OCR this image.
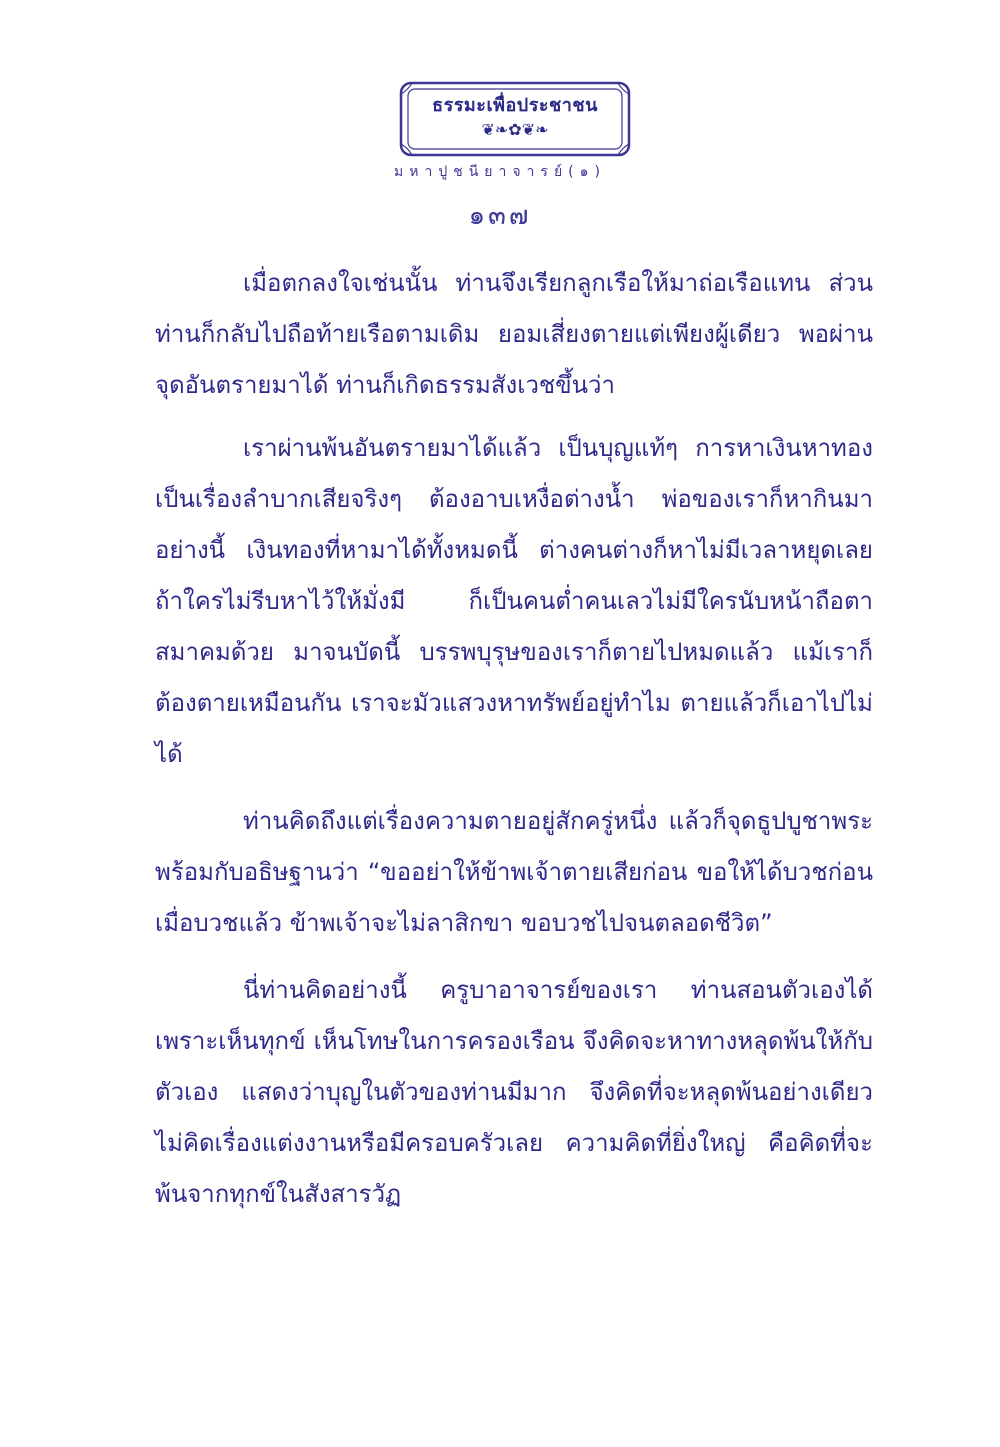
ธรรมะเพื่อประชาชน
❦❧✿❦❧
มหาปูชนียาจารย์(๑)
๑๓๗

เมื่อตกลงใจเช่นนั้น ท่านจึงเรียกลูกเรือให้มาถ่อเรือแทน ส่วนท่านก็กลับไปถือท้ายเรือตามเดิม ยอมเสี่ยงตายแต่เพียงผู้เดียว พอผ่านจุดอันตรายมาได้ ท่านก็เกิดธรรมสังเวชขึ้นว่า

เราผ่านพ้นอันตรายมาได้แล้ว เป็นบุญแท้ๆ การหาเงินหาทองเป็นเรื่องลำบากเสียจริงๆ ต้องอาบเหงื่อต่างน้ำ พ่อของเราก็หากินมาอย่างนี้ เงินทองที่หามาได้ทั้งหมดนี้ ต่างคนต่างก็หาไม่มีเวลาหยุดเลย ถ้าใครไม่รีบหาไว้ให้มั่งมี ก็เป็นคนต่ำคนเลวไม่มีใครนับหน้าถือตาสมาคมด้วย มาจนบัดนี้ บรรพบุรุษของเราก็ตายไปหมดแล้ว แม้เราก็ต้องตายเหมือนกัน เราจะมัวแสวงหาทรัพย์อยู่ทำไม ตายแล้วก็เอาไปไม่ได้

ท่านคิดถึงแต่เรื่องความตายอยู่สักครู่หนึ่ง แล้วก็จุดธูปบูชาพระ พร้อมกับอธิษฐานว่า “ขออย่าให้ข้าพเจ้าตายเสียก่อน ขอให้ได้บวชก่อน เมื่อบวชแล้ว ข้าพเจ้าจะไม่ลาสิกขา ขอบวชไปจนตลอดชีวิต”

นี่ท่านคิดอย่างนี้ ครูบาอาจารย์ของเรา ท่านสอนตัวเองได้เพราะเห็นทุกข์ เห็นโทษในการครองเรือน จึงคิดจะหาทางหลุดพ้นให้กับตัวเอง แสดงว่าบุญในตัวของท่านมีมาก จึงคิดที่จะหลุดพ้นอย่างเดียว ไม่คิดเรื่องแต่งงานหรือมีครอบครัวเลย ความคิดที่ยิ่งใหญ่ คือคิดที่จะพ้นจากทุกข์ในสังสารวัฏ
